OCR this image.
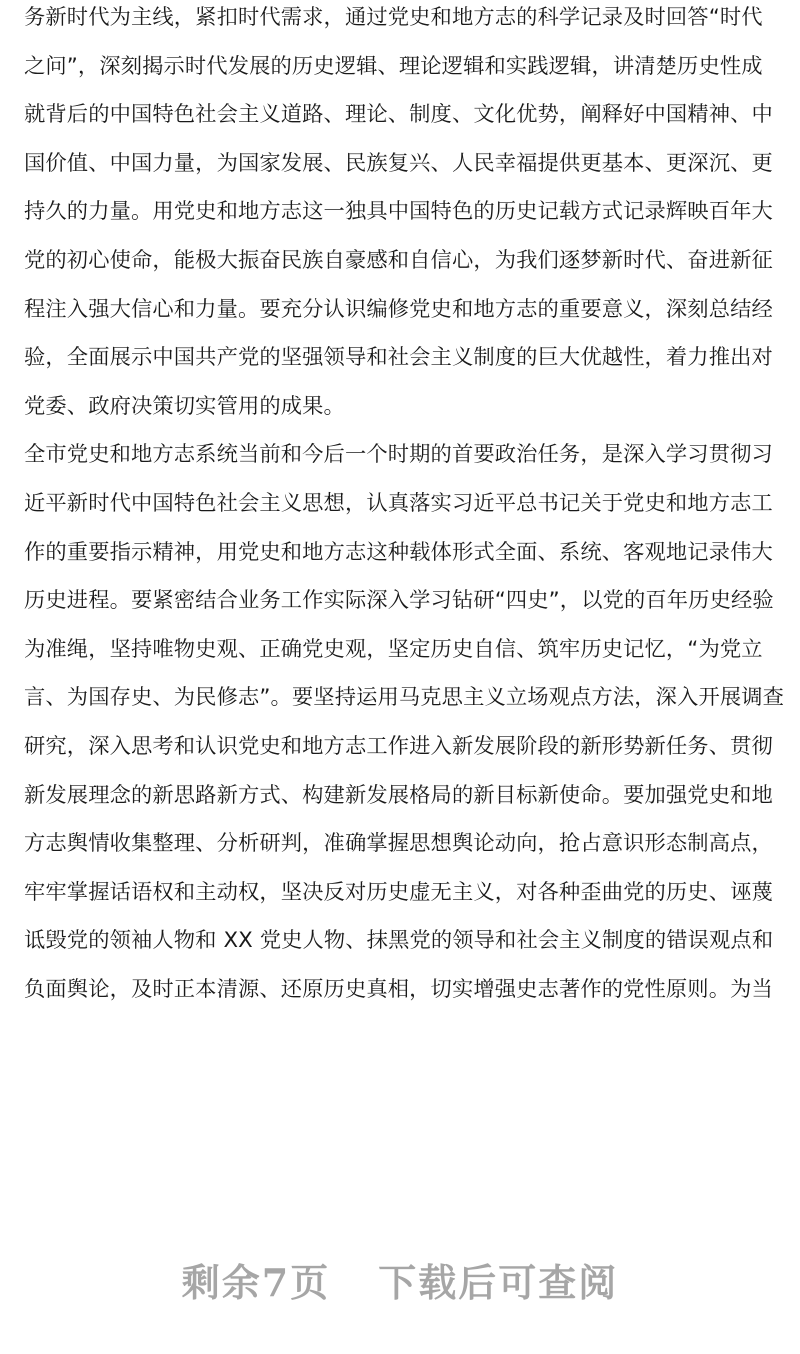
务新时代为主线，紧扣时代需求，通过党史和地方志的科学记录及时回答“时代
之问”，深刻揭示时代发展的历史逻辑、理论逻辑和实践逻辑，讲清楚历史性成
就背后的中国特色社会主义道路、理论、制度、文化优势，阐释好中国精神、中
国价值、中国力量，为国家发展、民族复兴、人民幸福提供更基本、更深沉、更
持久的力量。用党史和地方志这一独具中国特色的历史记载方式记录辉映百年大
党的初心使命，能极大振奋民族自豪感和自信心，为我们逐梦新时代、奋进新征
程注入强大信心和力量。要充分认识编修党史和地方志的重要意义，深刻总结经
验，全面展示中国共产党的坚强领导和社会主义制度的巨大优越性，着力推出对
党委、政府决策切实管用的成果。
全市党史和地方志系统当前和今后一个时期的首要政治任务，是深入学习贯彻习
近平新时代中国特色社会主义思想，认真落实习近平总书记关于党史和地方志工
作的重要指示精神，用党史和地方志这种载体形式全面、系统、客观地记录伟大
历史进程。要紧密结合业务工作实际深入学习钻研“四史”，以党的百年历史经验
为准绳，坚持唯物史观、正确党史观，坚定历史自信、筑牢历史记忆，“为党立
言、为国存史、为民修志”。要坚持运用马克思主义立场观点方法，深入开展调查
研究，深入思考和认识党史和地方志工作进入新发展阶段的新形势新任务、贯彻
新发展理念的新思路新方式、构建新发展格局的新目标新使命。要加强党史和地
方志舆情收集整理、分析研判，准确掌握思想舆论动向，抢占意识形态制高点，
牢牢掌握话语权和主动权，坚决反对历史虚无主义，对各种歪曲党的历史、诬蔑
诋毁党的领袖人物和 XX 党史人物、抹黑党的领导和社会主义制度的错误观点和
负面舆论，及时正本清源、还原历史真相，切实增强史志著作的党性原则。为当
剩余7页 下载后可查阅
